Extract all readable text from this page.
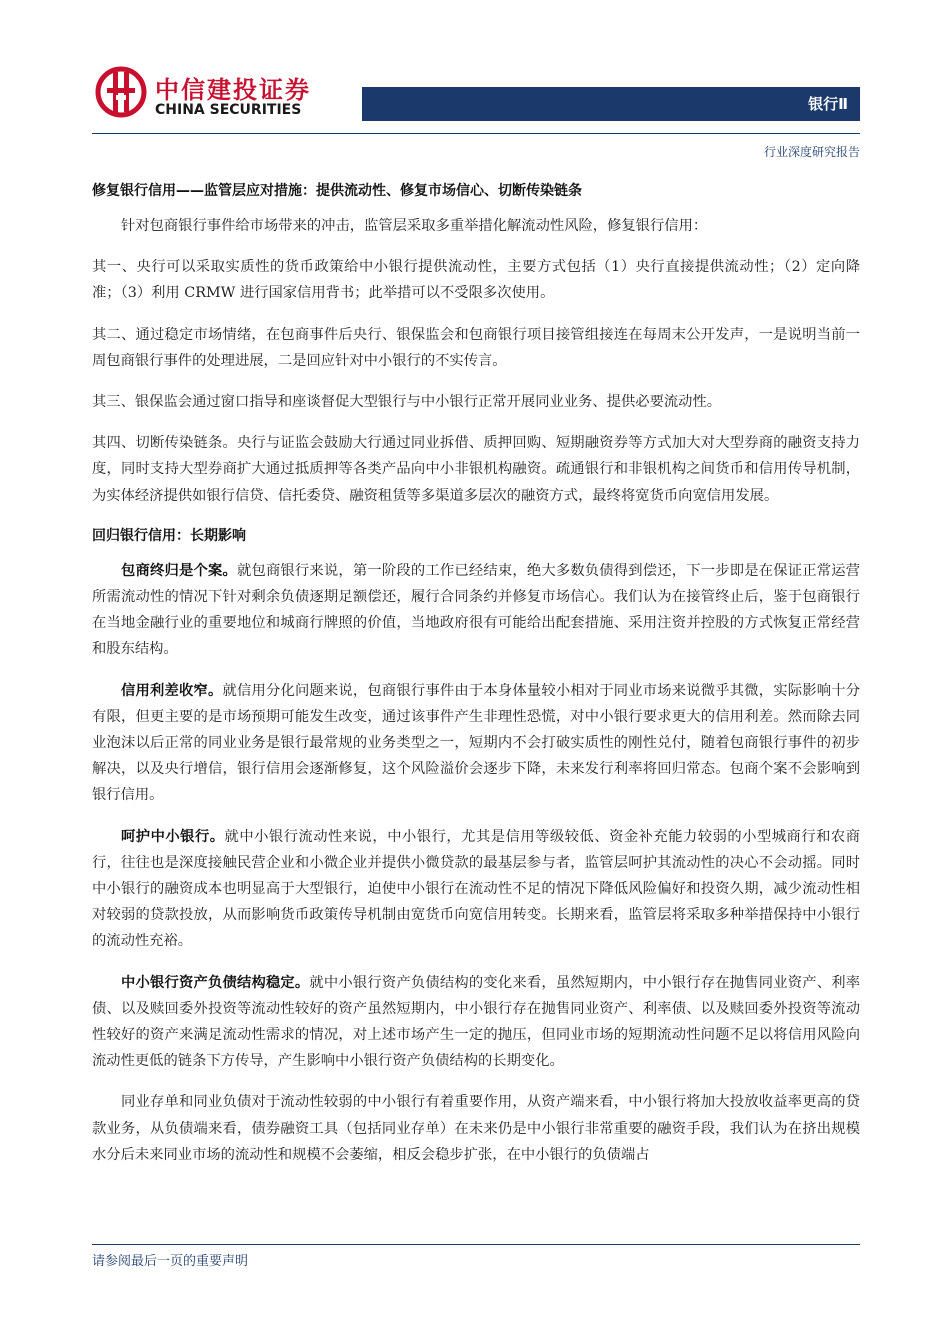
中信建投证券
CHINA SECURITIES	银行Ⅱ
行业深度研究报告

修复银行信用——监管层应对措施：提供流动性、修复市场信心、切断传染链条

针对包商银行事件给市场带来的冲击，监管层采取多重举措化解流动性风险，修复银行信用：

其一、央行可以采取实质性的货币政策给中小银行提供流动性，主要方式包括（1）央行直接提供流动性；（2）定向降准；（3）利用 CRMW 进行国家信用背书；此举措可以不受限多次使用。

其二、通过稳定市场情绪，在包商事件后央行、银保监会和包商银行项目接管组接连在每周末公开发声，一是说明当前一周包商银行事件的处理进展，二是回应针对中小银行的不实传言。

其三、银保监会通过窗口指导和座谈督促大型银行与中小银行正常开展同业业务、提供必要流动性。

其四、切断传染链条。央行与证监会鼓励大行通过同业拆借、质押回购、短期融资券等方式加大对大型券商的融资支持力度，同时支持大型券商扩大通过抵质押等各类产品向中小非银机构融资。疏通银行和非银机构之间货币和信用传导机制，为实体经济提供如银行信贷、信托委贷、融资租赁等多渠道多层次的融资方式，最终将宽货币向宽信用发展。

回归银行信用：长期影响

包商终归是个案。就包商银行来说，第一阶段的工作已经结束，绝大多数负债得到偿还，下一步即是在保证正常运营所需流动性的情况下针对剩余负债逐期足额偿还，履行合同条约并修复市场信心。我们认为在接管终止后，鉴于包商银行在当地金融行业的重要地位和城商行牌照的价值，当地政府很有可能给出配套措施、采用注资并控股的方式恢复正常经营和股东结构。

信用利差收窄。就信用分化问题来说，包商银行事件由于本身体量较小相对于同业市场来说微乎其微，实际影响十分有限，但更主要的是市场预期可能发生改变，通过该事件产生非理性恐慌，对中小银行要求更大的信用利差。然而除去同业泡沫以后正常的同业业务是银行最常规的业务类型之一，短期内不会打破实质性的刚性兑付，随着包商银行事件的初步解决，以及央行增信，银行信用会逐渐修复，这个风险溢价会逐步下降，未来发行利率将回归常态。包商个案不会影响到银行信用。

呵护中小银行。就中小银行流动性来说，中小银行，尤其是信用等级较低、资金补充能力较弱的小型城商行和农商行，往往也是深度接触民营企业和小微企业并提供小微贷款的最基层参与者，监管层呵护其流动性的决心不会动摇。同时中小银行的融资成本也明显高于大型银行，迫使中小银行在流动性不足的情况下降低风险偏好和投资久期，减少流动性相对较弱的贷款投放，从而影响货币政策传导机制由宽货币向宽信用转变。长期来看，监管层将采取多种举措保持中小银行的流动性充裕。

中小银行资产负债结构稳定。就中小银行资产负债结构的变化来看，虽然短期内，中小银行存在抛售同业资产、利率债、以及赎回委外投资等流动性较好的资产虽然短期内，中小银行存在抛售同业资产、利率债、以及赎回委外投资等流动性较好的资产来满足流动性需求的情况，对上述市场产生一定的抛压，但同业市场的短期流动性问题不足以将信用风险向流动性更低的链条下方传导，产生影响中小银行资产负债结构的长期变化。

同业存单和同业负债对于流动性较弱的中小银行有着重要作用，从资产端来看，中小银行将加大投放收益率更高的贷款业务，从负债端来看，债券融资工具（包括同业存单）在未来仍是中小银行非常重要的融资手段，我们认为在挤出规模水分后未来同业市场的流动性和规模不会萎缩，相反会稳步扩张，在中小银行的负债端占

请参阅最后一页的重要声明
